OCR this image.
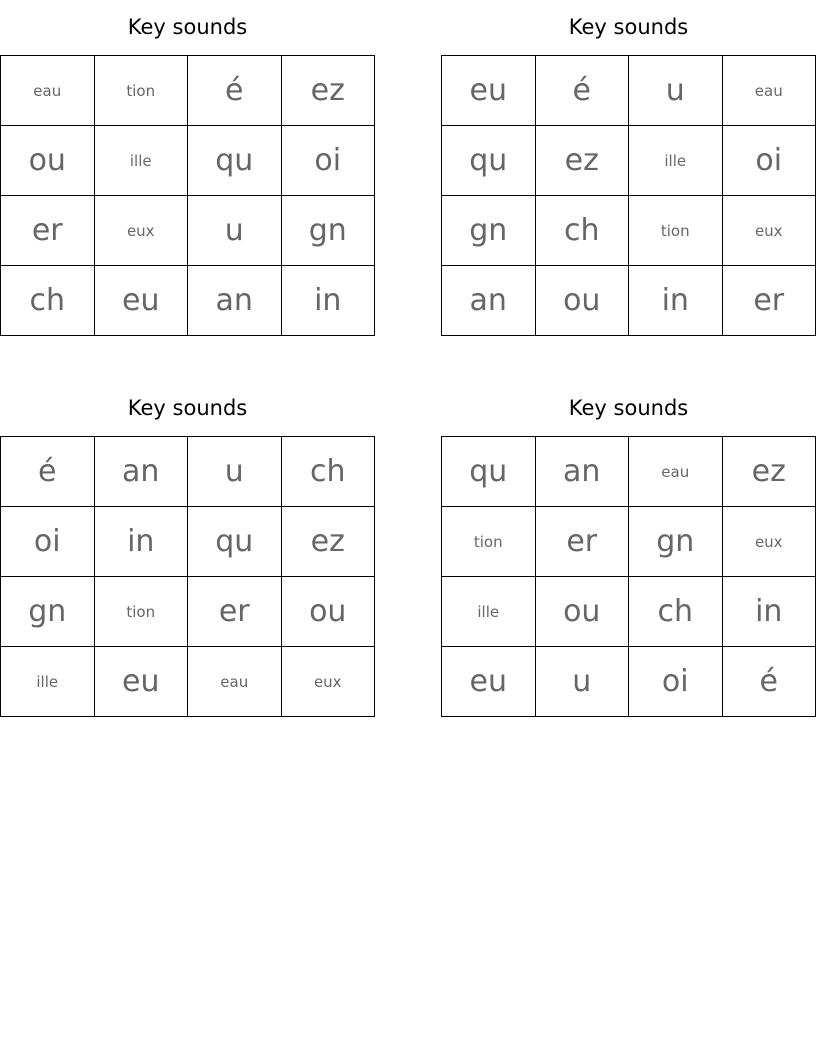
Key sounds
eau	tion	é	ez
ou	ille	qu	oi
er	eux	u	gn
ch	eu	an	in
Key sounds
eu	é	u	eau
qu	ez	ille	oi
gn	ch	tion	eux
an	ou	in	er
Key sounds
é	an	u	ch
oi	in	qu	ez
gn	tion	er	ou
ille	eu	eau	eux
Key sounds
qu	an	eau	ez
tion	er	gn	eux
ille	ou	ch	in
eu	u	oi	é
